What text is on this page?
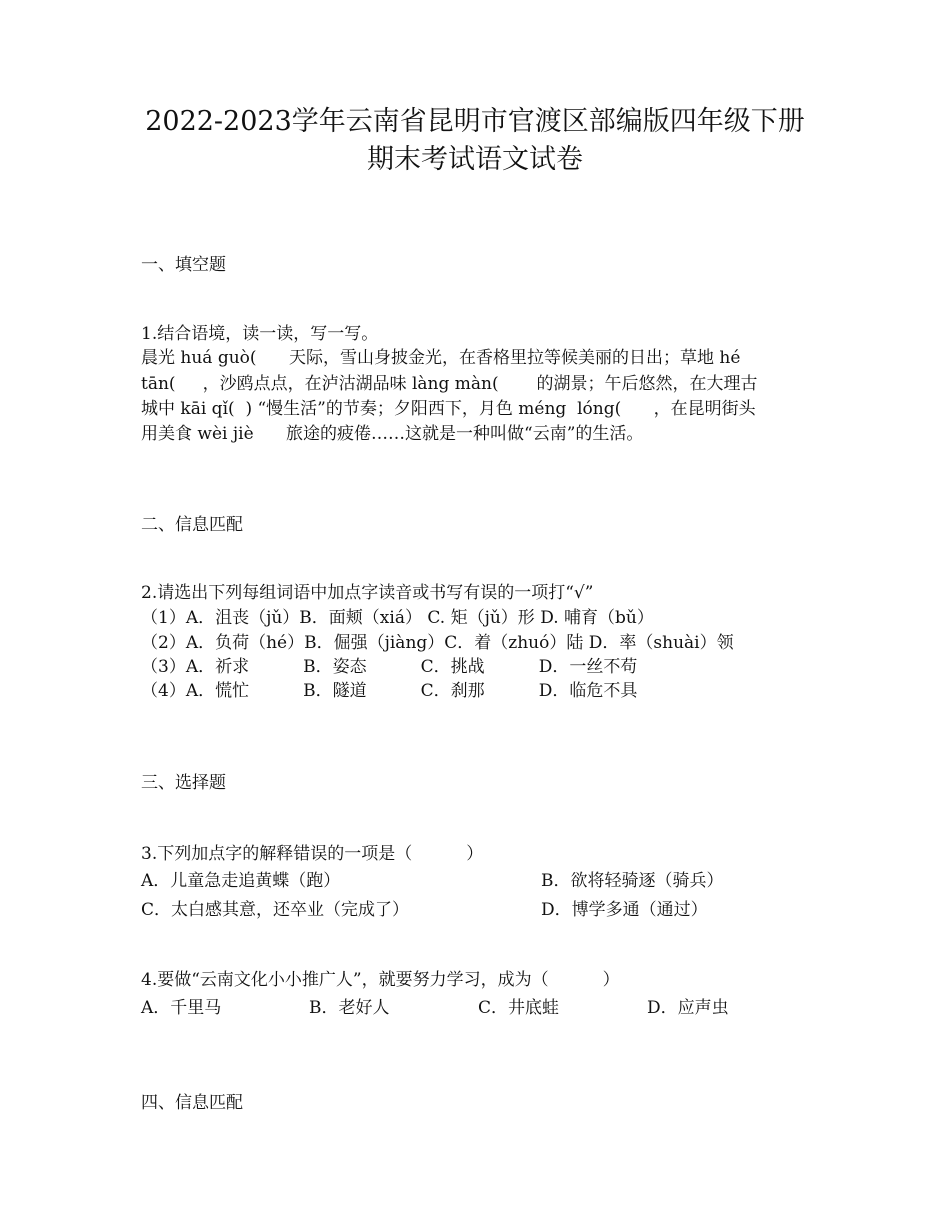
2022-2023学年云南省昆明市官渡区部编版四年级下册
期末考试语文试卷
一、填空题
1.结合语境，读一读，写一写。
晨光 huá guò(      天际，雪山身披金光，在香格里拉等候美丽的日出；草地 hé
tān(     ，沙鸥点点，在泸沽湖品味 làng màn(       的湖景；午后悠然，在大理古
城中 kāi qǐ(  ) “慢生活”的节奏；夕阳西下，月色 méng  lóng(      ，在昆明街头
用美食 wèi jiè      旅途的疲倦……这就是一种叫做“云南”的生活。
二、信息匹配
2.请选出下列每组词语中加点字读音或书写有误的一项打“√”
（1）A．沮丧（jǔ）B．面颊（xiá） C. 矩（jǔ）形 D. 哺育（bǔ）
（2）A．负荷（hé）B．倔强（jiàng）C．着（zhuó）陆 D．率（shuài）领
（3）A．祈求          B．姿态          C．挑战          D．一丝不苟
（4）A．慌忙          B．隧道          C．刹那          D．临危不具
三、选择题
3.下列加点字的解释错误的一项是（          ）
A．儿童急走追黄蝶（跑）	B．欲将轻骑逐（骑兵）
C．太白感其意，还卒业（完成了）	D．博学多通（通过）
4.要做“云南文化小小推广人”，就要努力学习，成为（          ）
A．千里马	B．老好人	C．井底蛙	D．应声虫
四、信息匹配
